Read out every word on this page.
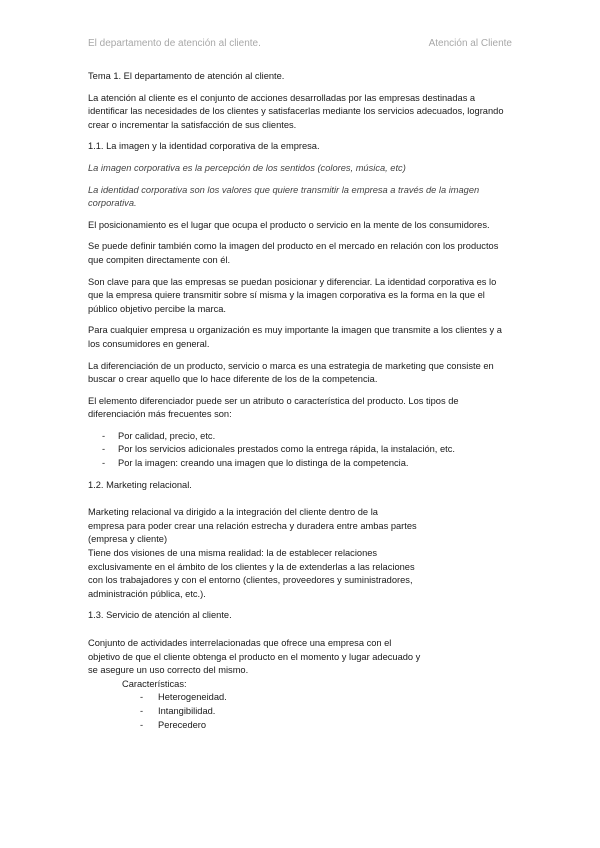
El departamento de atención al cliente.	Atención al Cliente

Tema 1. El departamento de atención al cliente.

La atención al cliente es el conjunto de acciones desarrolladas por las empresas destinadas a identificar las necesidades de los clientes y satisfacerlas mediante los servicios adecuados, logrando crear o incrementar la satisfacción de sus clientes.

1.1. La imagen y la identidad corporativa de la empresa.

La imagen corporativa es la percepción de los sentidos (colores, música, etc)

La identidad corporativa son los valores que quiere transmitir la empresa a través de la imagen corporativa.

El posicionamiento es el lugar que ocupa el producto o servicio en la mente de los consumidores.

Se puede definir también como la imagen del producto en el mercado en relación con los productos que compiten directamente con él.

Son clave para que las empresas se puedan posicionar y diferenciar. La identidad corporativa es lo que la empresa quiere transmitir sobre sí misma y la imagen corporativa es la forma en la que el público objetivo percibe la marca.

Para cualquier empresa u organización es muy importante la imagen que transmite a los clientes y a los consumidores en general.

La diferenciación de un producto, servicio o marca es una estrategia de marketing que consiste en buscar o crear aquello que lo hace diferente de los de la competencia.

El elemento diferenciador puede ser un atributo o característica del producto. Los tipos de diferenciación más frecuentes son:

-	Por calidad, precio, etc.
-	Por los servicios adicionales prestados como la entrega rápida, la instalación, etc.
-	Por la imagen: creando una imagen que lo distinga de la competencia.

1.2. Marketing relacional.

Marketing relacional va dirigido a la integración del cliente dentro de la
empresa para poder crear una relación estrecha y duradera entre ambas partes
(empresa y cliente)
Tiene dos visiones de una misma realidad: la de establecer relaciones
exclusivamente en el ámbito de los clientes y la de extenderlas a las relaciones
con los trabajadores y con el entorno (clientes, proveedores y suministradores,
administración pública, etc.).

1.3. Servicio de atención al cliente.

Conjunto de actividades interrelacionadas que ofrece una empresa con el
objetivo de que el cliente obtenga el producto en el momento y lugar adecuado y
se asegure un uso correcto del mismo.
Características:
-	Heterogeneidad.
-	Intangibilidad.
-	Perecedero
